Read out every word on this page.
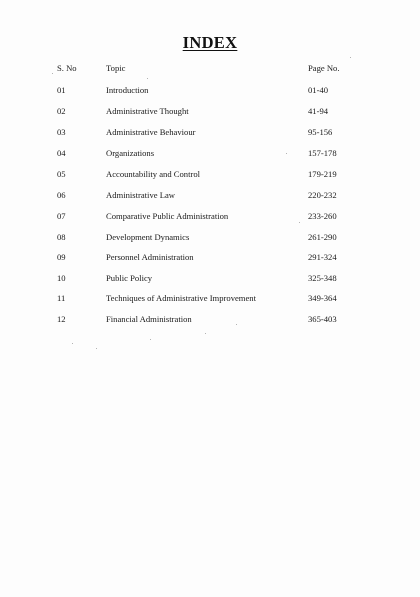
INDEX
S. No	Topic	Page No.
01	Introduction	01-40
02	Administrative Thought	41-94
03	Administrative Behaviour	95-156
04	Organizations	157-178
05	Accountability and Control	179-219
06	Administrative Law	220-232
07	Comparative Public Administration	233-260
08	Development Dynamics	261-290
09	Personnel Administration	291-324
10	Public Policy	325-348
11	Techniques of Administrative Improvement	349-364
12	Financial Administration	365-403
